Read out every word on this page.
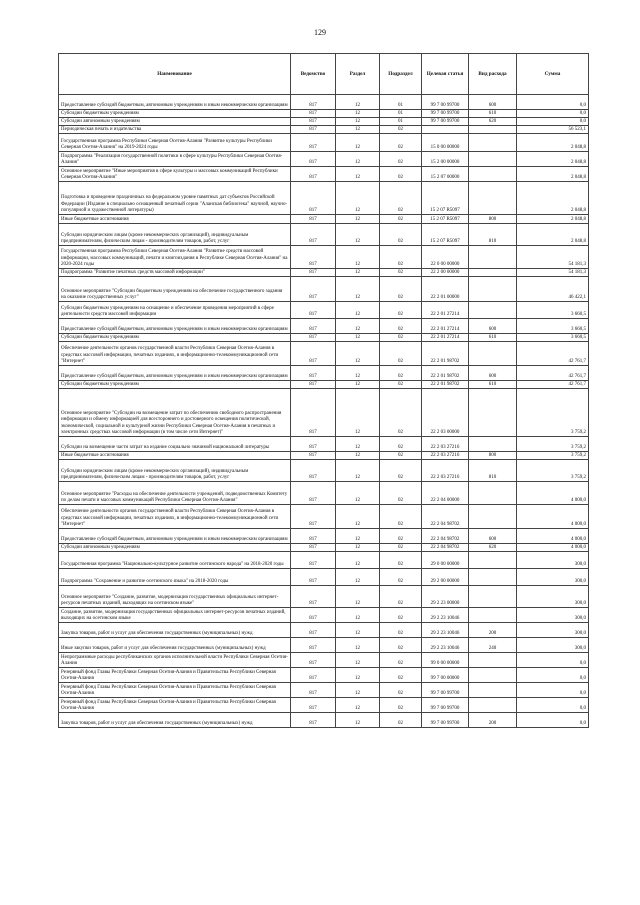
129
Наименование	Ведомство	Раздел	Подраздел	Целевая статья	Вид расхода	Сумма
Предоставление субсидий бюджетным, автономным учреждениям и иным некоммерческим организациям	817	12	01	99 7 00 99700	600	0,0
Субсидии бюджетным учреждениям	817	12	01	99 7 00 99700	610	0,0
Субсидии автономным учреждениям	817	12	01	99 7 00 99700	620	0,0
Периодическая печать и издательства	817	12	02			56 523,1
Государственная программа Республики Северная Осетия-Алания "Развитие культуры Республики Северная Осетия-Алания" на 2019-2024 годы	817	12	02	15 0 00 00000		2 048,8
Подпрограмма "Реализация государственной политики в сфере культуры Республики Северная Осетия-Алания"	817	12	02	15 2 00 00000		2 048,8
Основное мероприятие "Иные мероприятия в сфере культуры и массовых коммуникаций Республики Северная Осетия-Алания"	817	12	02	15 2 07 00000		2 048,8
Подготовка и проведение праздничных на федеральном уровне памятных дат субъектов Российской Федерации (Издание в специально оснащенный печатный серии "Аланская библиотека" научной, научно-популярной и художественной литературы)	817	12	02	15 2 07 R5097		2 048,8
Иные бюджетные ассигнования	817	12	02	15 2 07 R5097	800	2 048,8
Субсидии юридическим лицам (кроме некоммерческих организаций), индивидуальным предпринимателям, физическим лицам - производителям товаров, работ, услуг	817	12	02	15 2 07 R5097	810	2 048,8
Государственная программа Республики Северная Осетия-Алания "Развитие средств массовой информации, массовых коммуникаций, печати и книгоиздания в Республике Северная Осетия-Алания" на 2020-2024 годы	817	12	02	22 0 00 00000		54 181,3
Подпрограмма "Развитие печатных средств массовой информации"	817	12	02	22 2 00 00000		54 181,3
Основное мероприятие "Субсидии бюджетным учреждениям на обеспечение государственного задания на оказание государственных услуг"	817	12	02	22 2 01 00000		46 422,1
Субсидии бюджетным учреждениям на оснащение и обеспечение проведения мероприятий в сфере деятельности средств массовой информации	817	12	02	22 2 01 27214		3 660,5
Предоставление субсидий бюджетным, автономным учреждениям и иным некоммерческим организациям	817	12	02	22 2 01 27214	600	3 660,5
Субсидии бюджетным учреждениям	817	12	02	22 2 01 27214	610	3 660,5
Обеспечение деятельности органов государственной власти Республики Северная Осетия-Алания в средствах массовой информации, печатных изданиях, в информационно-телекоммуникационной сети "Интернет"	817	12	02	22 2 01 98702		42 761,7
Предоставление субсидий бюджетным, автономным учреждениям и иным некоммерческим организациям	817	12	02	22 2 01 98702	600	42 761,7
Субсидии бюджетным учреждениям	817	12	02	22 2 01 98702	610	42 761,7
Основное мероприятие "Субсидии на возмещение затрат по обеспечению свободного распространения информации и обмену информацией для всестороннего и достоверного освещения политической, экономической, социальной и культурной жизни Республики Северная Осетия-Алания в печатных и электронных средствах массовой информации (в том числе сети Интернет)"	817	12	02	22 2 03 00000		3 759,2
Субсидии на возмещение части затрат на издание социально значимой национальной литературы	817	12	02	22 2 03 27216		3 759,2
Иные бюджетные ассигнования	817	12	02	22 2 03 27216	800	3 759,2
Субсидии юридическим лицам (кроме некоммерческих организаций), индивидуальным предпринимателям, физическим лицам - производителям товаров, работ, услуг	817	12	02	22 2 03 27216	810	3 759,2
Основное мероприятие "Расходы на обеспечение деятельности учреждений, подведомственных Комитету по делам печати и массовых коммуникаций Республики Северная Осетия-Алания"	817	12	02	22 2 04 00000		4 000,0
Обеспечение деятельности органов государственной власти Республики Северная Осетия-Алания в средствах массовой информации, печатных изданиях, в информационно-телекоммуникационной сети "Интернет"	817	12	02	22 2 04 98702		4 000,0
Предоставление субсидий бюджетным, автономным учреждениям и иным некоммерческим организациям	817	12	02	22 2 04 98702	600	4 000,0
Субсидии автономным учреждениям	817	12	02	22 2 04 98702	620	4 000,0
Государственная программа "Национально-культурное развитие осетинского народа" на 2018-2020 годы	817	12	02	29 0 00 00000		300,0
Подпрограмма "Сохранение и развитие осетинского языка" на 2018-2020 годы	817	12	02	29 2 00 00000		300,0
Основное мероприятие "Создание, развитие, модернизация государственных официальных интернет-ресурсов печатных изданий, выходящих на осетинском языке"	817	12	02	29 2 23 00000		300,0
Создание, развитие, модернизация государственных официальных интернет-ресурсов печатных изданий, выходящих на осетинском языке	817	12	02	29 2 23 10046		300,0
Закупка товаров, работ и услуг для обеспечения государственных (муниципальных) нужд	817	12	02	29 2 23 10046	200	300,0
Иные закупки товаров, работ и услуг для обеспечения государственных (муниципальных) нужд	817	12	02	29 2 23 10046	240	300,0
Непрограммные расходы республиканских органов исполнительной власти Республики Северная Осетия-Алания	817	12	02	99 0 00 00000		0,0
Резервный фонд Главы Республики Северная Осетия-Алания и Правительства Республики Северная Осетия-Алания	817	12	02	99 7 00 00000		0,0
Резервный фонд Главы Республики Северная Осетия-Алания и Правительства Республики Северная Осетия-Алания	817	12	02	99 7 00 99700		0,0
Резервный фонд Главы Республики Северная Осетия-Алания и Правительства Республики Северная Осетия-Алания	817	12	02	99 7 00 99700		0,0
Закупка товаров, работ и услуг для обеспечения государственных (муниципальных) нужд	817	12	02	99 7 00 99700	200	0,0
